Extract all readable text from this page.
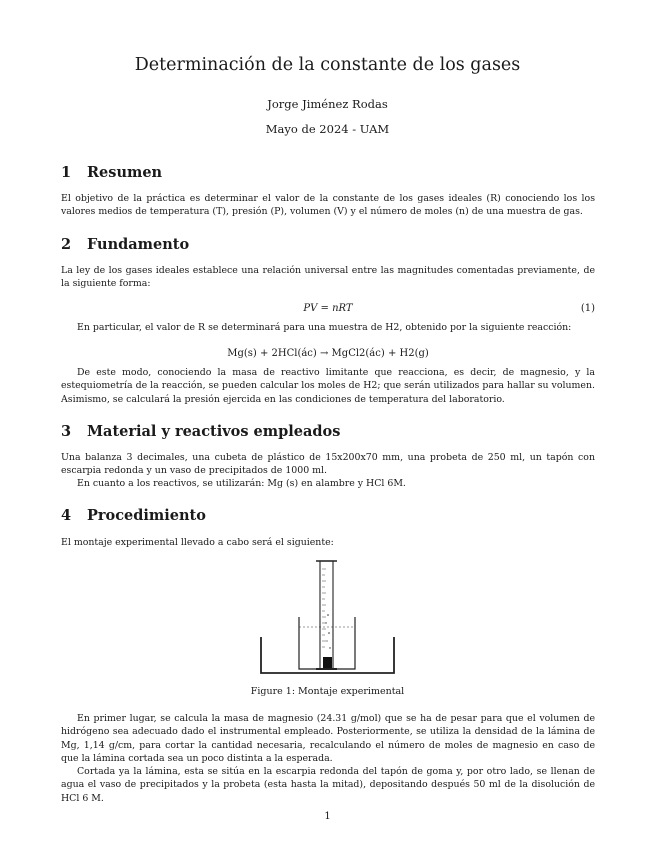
Determinación de la constante de los gases
Jorge Jiménez Rodas
Mayo de 2024 - UAM
1 Resumen
El objetivo de la práctica es determinar el valor de la constante de los gases ideales (R) conociendo los los valores medios de temperatura (T), presión (P), volumen (V) y el número de moles (n) de una muestra de gas.
2 Fundamento
La ley de los gases ideales establece una relación universal entre las magnitudes comentadas previamente, de la siguiente forma:
PV = nRT	(1)
En particular, el valor de R se determinará para una muestra de H2, obtenido por la siguiente reacción:
Mg(s) + 2HCl(ác) → MgCl2(ác) + H2(g)
De este modo, conociendo la masa de reactivo limitante que reacciona, es decir, de magnesio, y la estequiometría de la reacción, se pueden calcular los moles de H2; que serán utilizados para hallar su volumen. Asimismo, se calculará la presión ejercida en las condiciones de temperatura del laboratorio.
3 Material y reactivos empleados
Una balanza 3 decimales, una cubeta de plástico de 15x200x70 mm, una probeta de 250 ml, un tapón con escarpia redonda y un vaso de precipitados de 1000 ml.
En cuanto a los reactivos, se utilizarán: Mg (s) en alambre y HCl 6M.
4 Procedimiento
El montaje experimental llevado a cabo será el siguiente:
Figure 1: Montaje experimental
En primer lugar, se calcula la masa de magnesio (24.31 g/mol) que se ha de pesar para que el volumen de hidrógeno sea adecuado dado el instrumental empleado. Posteriormente, se utiliza la densidad de la lámina de Mg, 1,14 g/cm, para cortar la cantidad necesaria, recalculando el número de moles de magnesio en caso de que la lámina cortada sea un poco distinta a la esperada.
Cortada ya la lámina, esta se sitúa en la escarpia redonda del tapón de goma y, por otro lado, se llenan de agua el vaso de precipitados y la probeta (esta hasta la mitad), depositando después 50 ml de la disolución de HCl 6 M.
1
